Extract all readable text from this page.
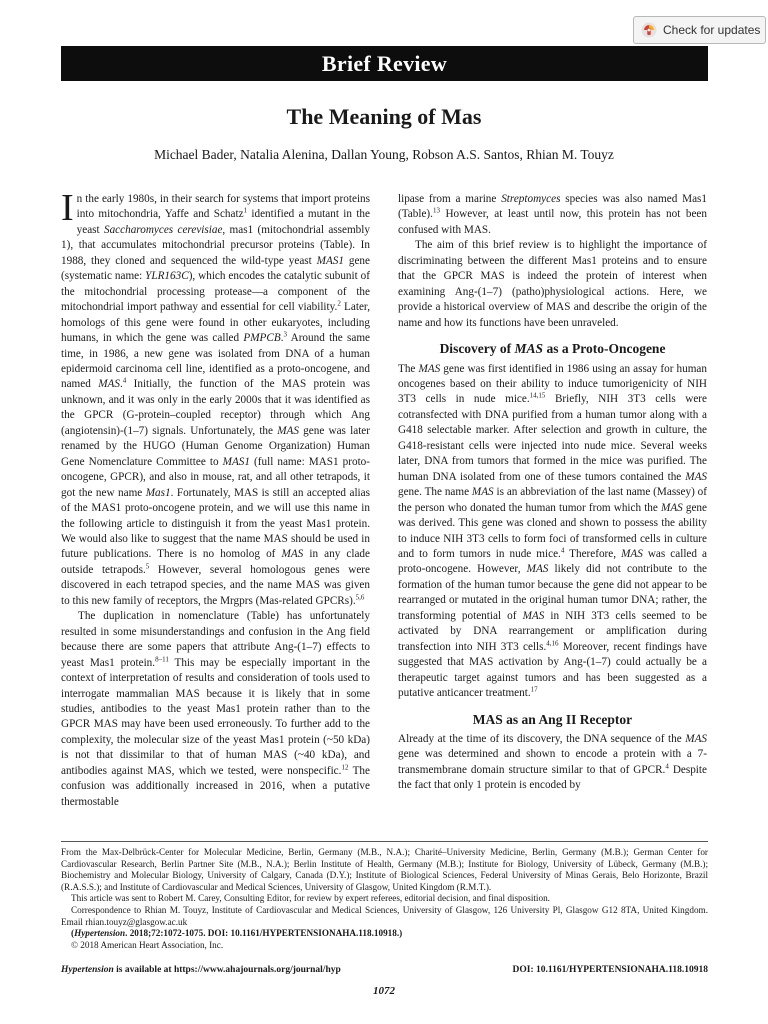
Check for updates
Brief Review
The Meaning of Mas
Michael Bader, Natalia Alenina, Dallan Young, Robson A.S. Santos, Rhian M. Touyz

In the early 1980s, in their search for systems that import proteins into mitochondria, Yaffe and Schatz$^1$ identified a mutant in the yeast Saccharomyces cerevisiae, mas1 (mitochondrial assembly 1), that accumulates mitochondrial precursor proteins (Table). In 1988, they cloned and sequenced the wild-type yeast MAS1 gene (systematic name: YLR163C), which encodes the catalytic subunit of the mitochondrial processing protease—a component of the mitochondrial import pathway and essential for cell viability.$^2$ Later, homologs of this gene were found in other eukaryotes, including humans, in which the gene was called PMPCB.$^3$ Around the same time, in 1986, a new gene was isolated from DNA of a human epidermoid carcinoma cell line, identified as a proto-oncogene, and named MAS.$^4$ Initially, the function of the MAS protein was unknown, and it was only in the early 2000s that it was identified as the GPCR (G-protein–coupled receptor) through which Ang (angiotensin)-(1–7) signals. Unfortunately, the MAS gene was later renamed by the HUGO (Human Genome Organization) Human Gene Nomenclature Committee to MAS1 (full name: MAS1 proto-oncogene, GPCR), and also in mouse, rat, and all other tetrapods, it got the new name Mas1. Fortunately, MAS is still an accepted alias of the MAS1 proto-oncogene protein, and we will use this name in the following article to distinguish it from the yeast Mas1 protein. We would also like to suggest that the name MAS should be used in future publications. There is no homolog of MAS in any clade outside tetrapods.$^5$ However, several homologous genes were discovered in each tetrapod species, and the name MAS was given to this new family of receptors, the Mrgprs (Mas-related GPCRs).$^{5,6}$

The duplication in nomenclature (Table) has unfortunately resulted in some misunderstandings and confusion in the Ang field because there are some papers that attribute Ang-(1–7) effects to yeast Mas1 protein.$^{8-11}$ This may be especially important in the context of interpretation of results and consideration of tools used to interrogate mammalian MAS because it is likely that in some studies, antibodies to the yeast Mas1 protein rather than to the GPCR MAS may have been used erroneously. To further add to the complexity, the molecular size of the yeast Mas1 protein (~50 kDa) is not that dissimilar to that of human MAS (~40 kDa), and antibodies against MAS, which we tested, were nonspecific.$^{12}$ The confusion was additionally increased in 2016, when a putative thermostable

lipase from a marine Streptomyces species was also named Mas1 (Table).$^{13}$ However, at least until now, this protein has not been confused with MAS.

The aim of this brief review is to highlight the importance of discriminating between the different Mas1 proteins and to ensure that the GPCR MAS is indeed the protein of interest when examining Ang-(1–7) (patho)physiological actions. Here, we provide a historical overview of MAS and describe the origin of the name and how its functions have been unraveled.

Discovery of MAS as a Proto-Oncogene

The MAS gene was first identified in 1986 using an assay for human oncogenes based on their ability to induce tumorigenicity of NIH 3T3 cells in nude mice.$^{14,15}$ Briefly, NIH 3T3 cells were cotransfected with DNA purified from a human tumor along with a G418 selectable marker. After selection and growth in culture, the G418-resistant cells were injected into nude mice. Several weeks later, DNA from tumors that formed in the mice was purified. The human DNA isolated from one of these tumors contained the MAS gene. The name MAS is an abbreviation of the last name (Massey) of the person who donated the human tumor from which the MAS gene was derived. This gene was cloned and shown to possess the ability to induce NIH 3T3 cells to form foci of transformed cells in culture and to form tumors in nude mice.$^4$ Therefore, MAS was called a proto-oncogene. However, MAS likely did not contribute to the formation of the human tumor because the gene did not appear to be rearranged or mutated in the original human tumor DNA; rather, the transforming potential of MAS in NIH 3T3 cells seemed to be activated by DNA rearrangement or amplification during transfection into NIH 3T3 cells.$^{4,16}$ Moreover, recent findings have suggested that MAS activation by Ang-(1–7) could actually be a therapeutic target against tumors and has been suggested as a putative anticancer treatment.$^{17}$

MAS as an Ang II Receptor

Already at the time of its discovery, the DNA sequence of the MAS gene was determined and shown to encode a protein with a 7-transmembrane domain structure similar to that of GPCR.$^4$ Despite the fact that only 1 protein is encoded by

From the Max-Delbrück-Center for Molecular Medicine, Berlin, Germany (M.B., N.A.); Charité–University Medicine, Berlin, Germany (M.B.); German Center for Cardiovascular Research, Berlin Partner Site (M.B., N.A.); Berlin Institute of Health, Germany (M.B.); Institute for Biology, University of Lübeck, Germany (M.B.); Biochemistry and Molecular Biology, University of Calgary, Canada (D.Y.); Institute of Biological Sciences, Federal University of Minas Gerais, Belo Horizonte, Brazil (R.A.S.S.); and Institute of Cardiovascular and Medical Sciences, University of Glasgow, United Kingdom (R.M.T.).

This article was sent to Robert M. Carey, Consulting Editor, for review by expert referees, editorial decision, and final disposition.

Correspondence to Rhian M. Touyz, Institute of Cardiovascular and Medical Sciences, University of Glasgow, 126 University Pl, Glasgow G12 8TA, United Kingdom. Email rhian.touyz@glasgow.ac.uk

(Hypertension. 2018;72:1072-1075. DOI: 10.1161/HYPERTENSIONAHA.118.10918.)

© 2018 American Heart Association, Inc.

Hypertension is available at https://www.ahajournals.org/journal/hyp	DOI: 10.1161/HYPERTENSIONAHA.118.10918
1072
